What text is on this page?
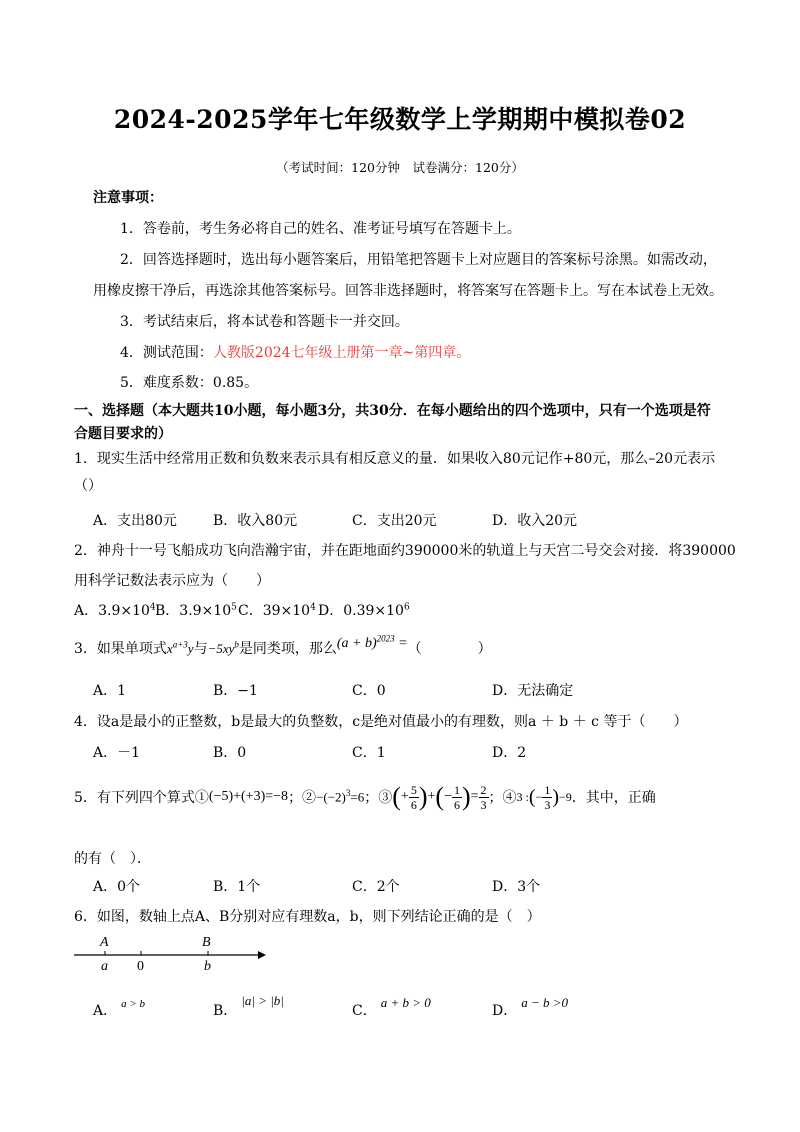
2024-2025学年七年级数学上学期期中模拟卷02
（考试时间：120分钟　试卷满分：120分）
注意事项：
1．答卷前，考生务必将自己的姓名、准考证号填写在答题卡上。
2．回答选择题时，选出每小题答案后，用铅笔把答题卡上对应题目的答案标号涂黑。如需改动，
用橡皮擦干净后，再选涂其他答案标号。回答非选择题时，将答案写在答题卡上。写在本试卷上无效。
3．考试结束后，将本试卷和答题卡一并交回。
4．测试范围：人教版2024七年级上册第一章~第四章。
5．难度系数：0.85。
一、选择题（本大题共10小题，每小题3分，共30分．在每小题给出的四个选项中，只有一个选项是符
合题目要求的）
1．现实生活中经常用正数和负数来表示具有相反意义的量．如果收入80元记作+80元，那么–20元表示
（）
A．支出80元	B．收入80元	C．支出20元	D．收入20元
2．神舟十一号飞船成功飞向浩瀚宇宙，并在距地面约390000米的轨道上与天宫二号交会对接．将390000
用科学记数法表示应为（　　）
A．$3.9\times 10^4$ B．$3.9\times 10^5$ C．$39\times 10^4$ D．$0.39\times 10^6$
3．如果单项式$x^{a+3}y$与$-5xy^b$是同类项，那么$(a + b)^{2023}$ =（　　　　）
A．1	B．−1	C．0	D．无法确定
4．设a是最小的正整数，b是最大的负整数，c是绝对值最小的有理数，则a ＋ b ＋ c 等于（　　）
A．－1	B．0	C．1	D．2
5．有下列四个算式① (−5)+(+3)=−8 ；② $-(-2)^3=6$ ；③ ( + $\frac{5}{6}$ ) + ( − $\frac{1}{6}$ ) = $\frac{2}{3}$ ；④ 3 : ( − $\frac{1}{3}$ ) −9 ．其中，正确
的有（　）．
A．0个	B．1个	C．2个	D．3个
6．如图，数轴上点A、B分别对应有理数a，b，则下列结论正确的是（　）
A	B
a 0	b
A． $^{a > b}$	B．|a| > |b|
C．a + b > 0
D．a − b >0
